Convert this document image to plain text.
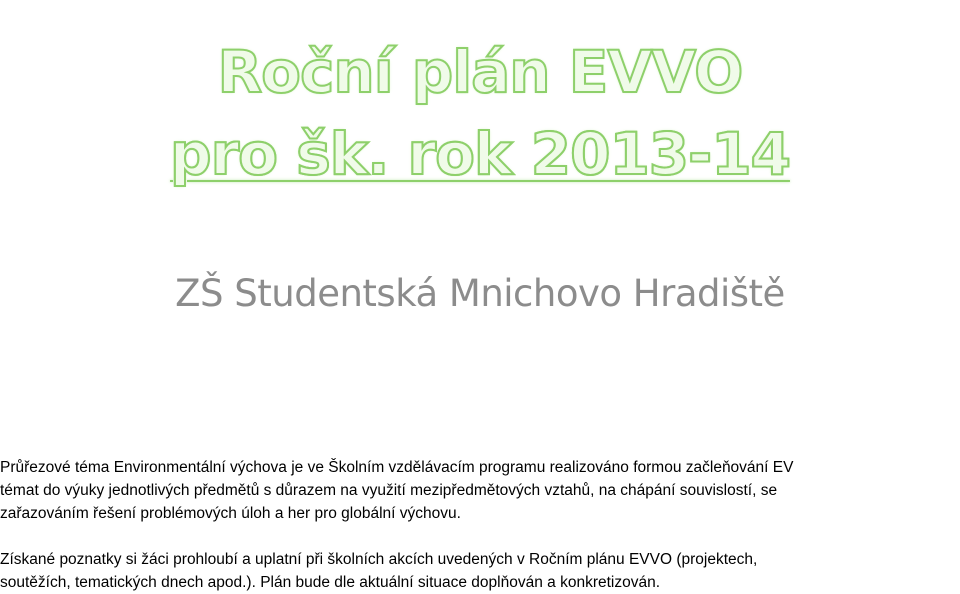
Roční plán EVVO
pro šk. rok 2013-14
ZŠ Studentská Mnichovo Hradiště
Průřezové téma Environmentální výchova je ve Školním vzdělávacím programu realizováno formou začleňování EV
témat do výuky jednotlivých předmětů s důrazem na využití mezipředmětových vztahů, na chápání souvislostí, se
zařazováním řešení problémových úloh a her pro globální výchovu.
Získané poznatky si žáci prohloubí a uplatní při školních akcích uvedených v Ročním plánu EVVO (projektech,
soutěžích, tematických dnech apod.). Plán bude dle aktuální situace doplňován a konkretizován.
